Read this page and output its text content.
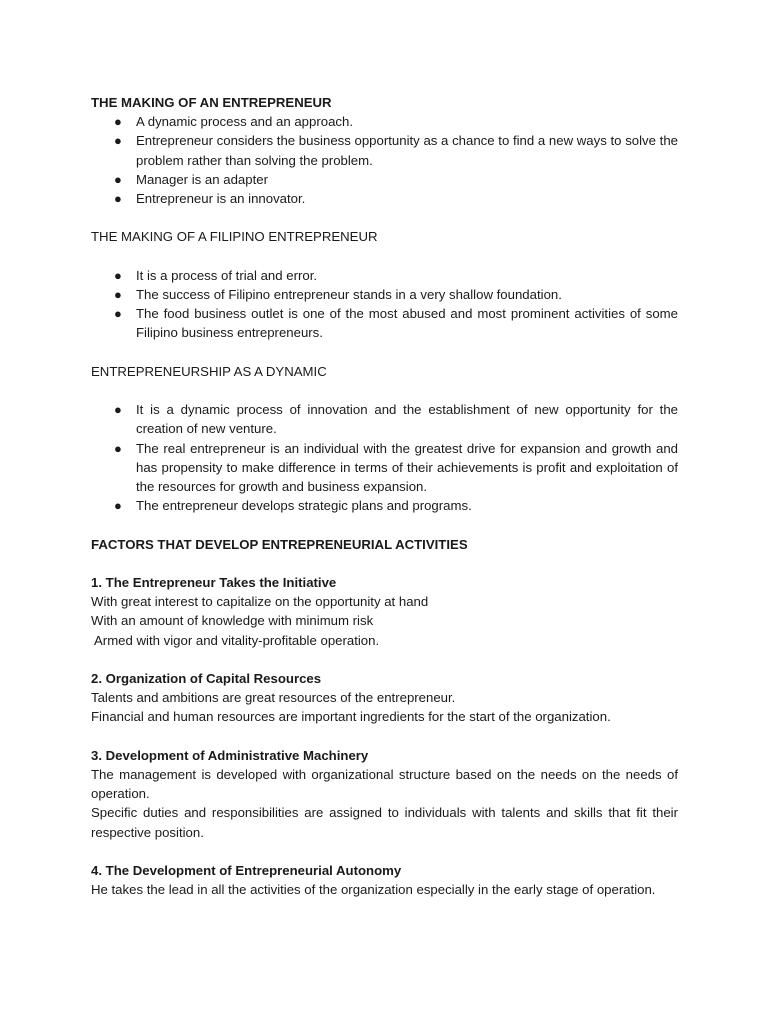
THE MAKING OF AN ENTREPRENEUR
● A dynamic process and an approach.
● Entrepreneur considers the business opportunity as a chance to find a new ways to solve the problem rather than solving the problem.
● Manager is an adapter
● Entrepreneur is an innovator.
THE MAKING OF A FILIPINO ENTREPRENEUR
● It is a process of trial and error.
● The success of Filipino entrepreneur stands in a very shallow foundation.
● The food business outlet is one of the most abused and most prominent activities of some Filipino business entrepreneurs.
ENTREPRENEURSHIP AS A DYNAMIC
● It is a dynamic process of innovation and the establishment of new opportunity for the creation of new venture.
● The real entrepreneur is an individual with the greatest drive for expansion and growth and has propensity to make difference in terms of their achievements is profit and exploitation of the resources for growth and business expansion.
● The entrepreneur develops strategic plans and programs.
FACTORS THAT DEVELOP ENTREPRENEURIAL ACTIVITIES
1. The Entrepreneur Takes the Initiative

With great interest to capitalize on the opportunity at hand

With an amount of knowledge with minimum risk

Armed with vigor and vitality-profitable operation.

2. Organization of Capital Resources

Talents and ambitions are great resources of the entrepreneur.

Financial and human resources are important ingredients for the start of the organization.

3. Development of Administrative Machinery

The management is developed with organizational structure based on the needs on the needs of operation.

Specific duties and responsibilities are assigned to individuals with talents and skills that fit their respective position.

4. The Development of Entrepreneurial Autonomy

He takes the lead in all the activities of the organization especially in the early stage of operation.
